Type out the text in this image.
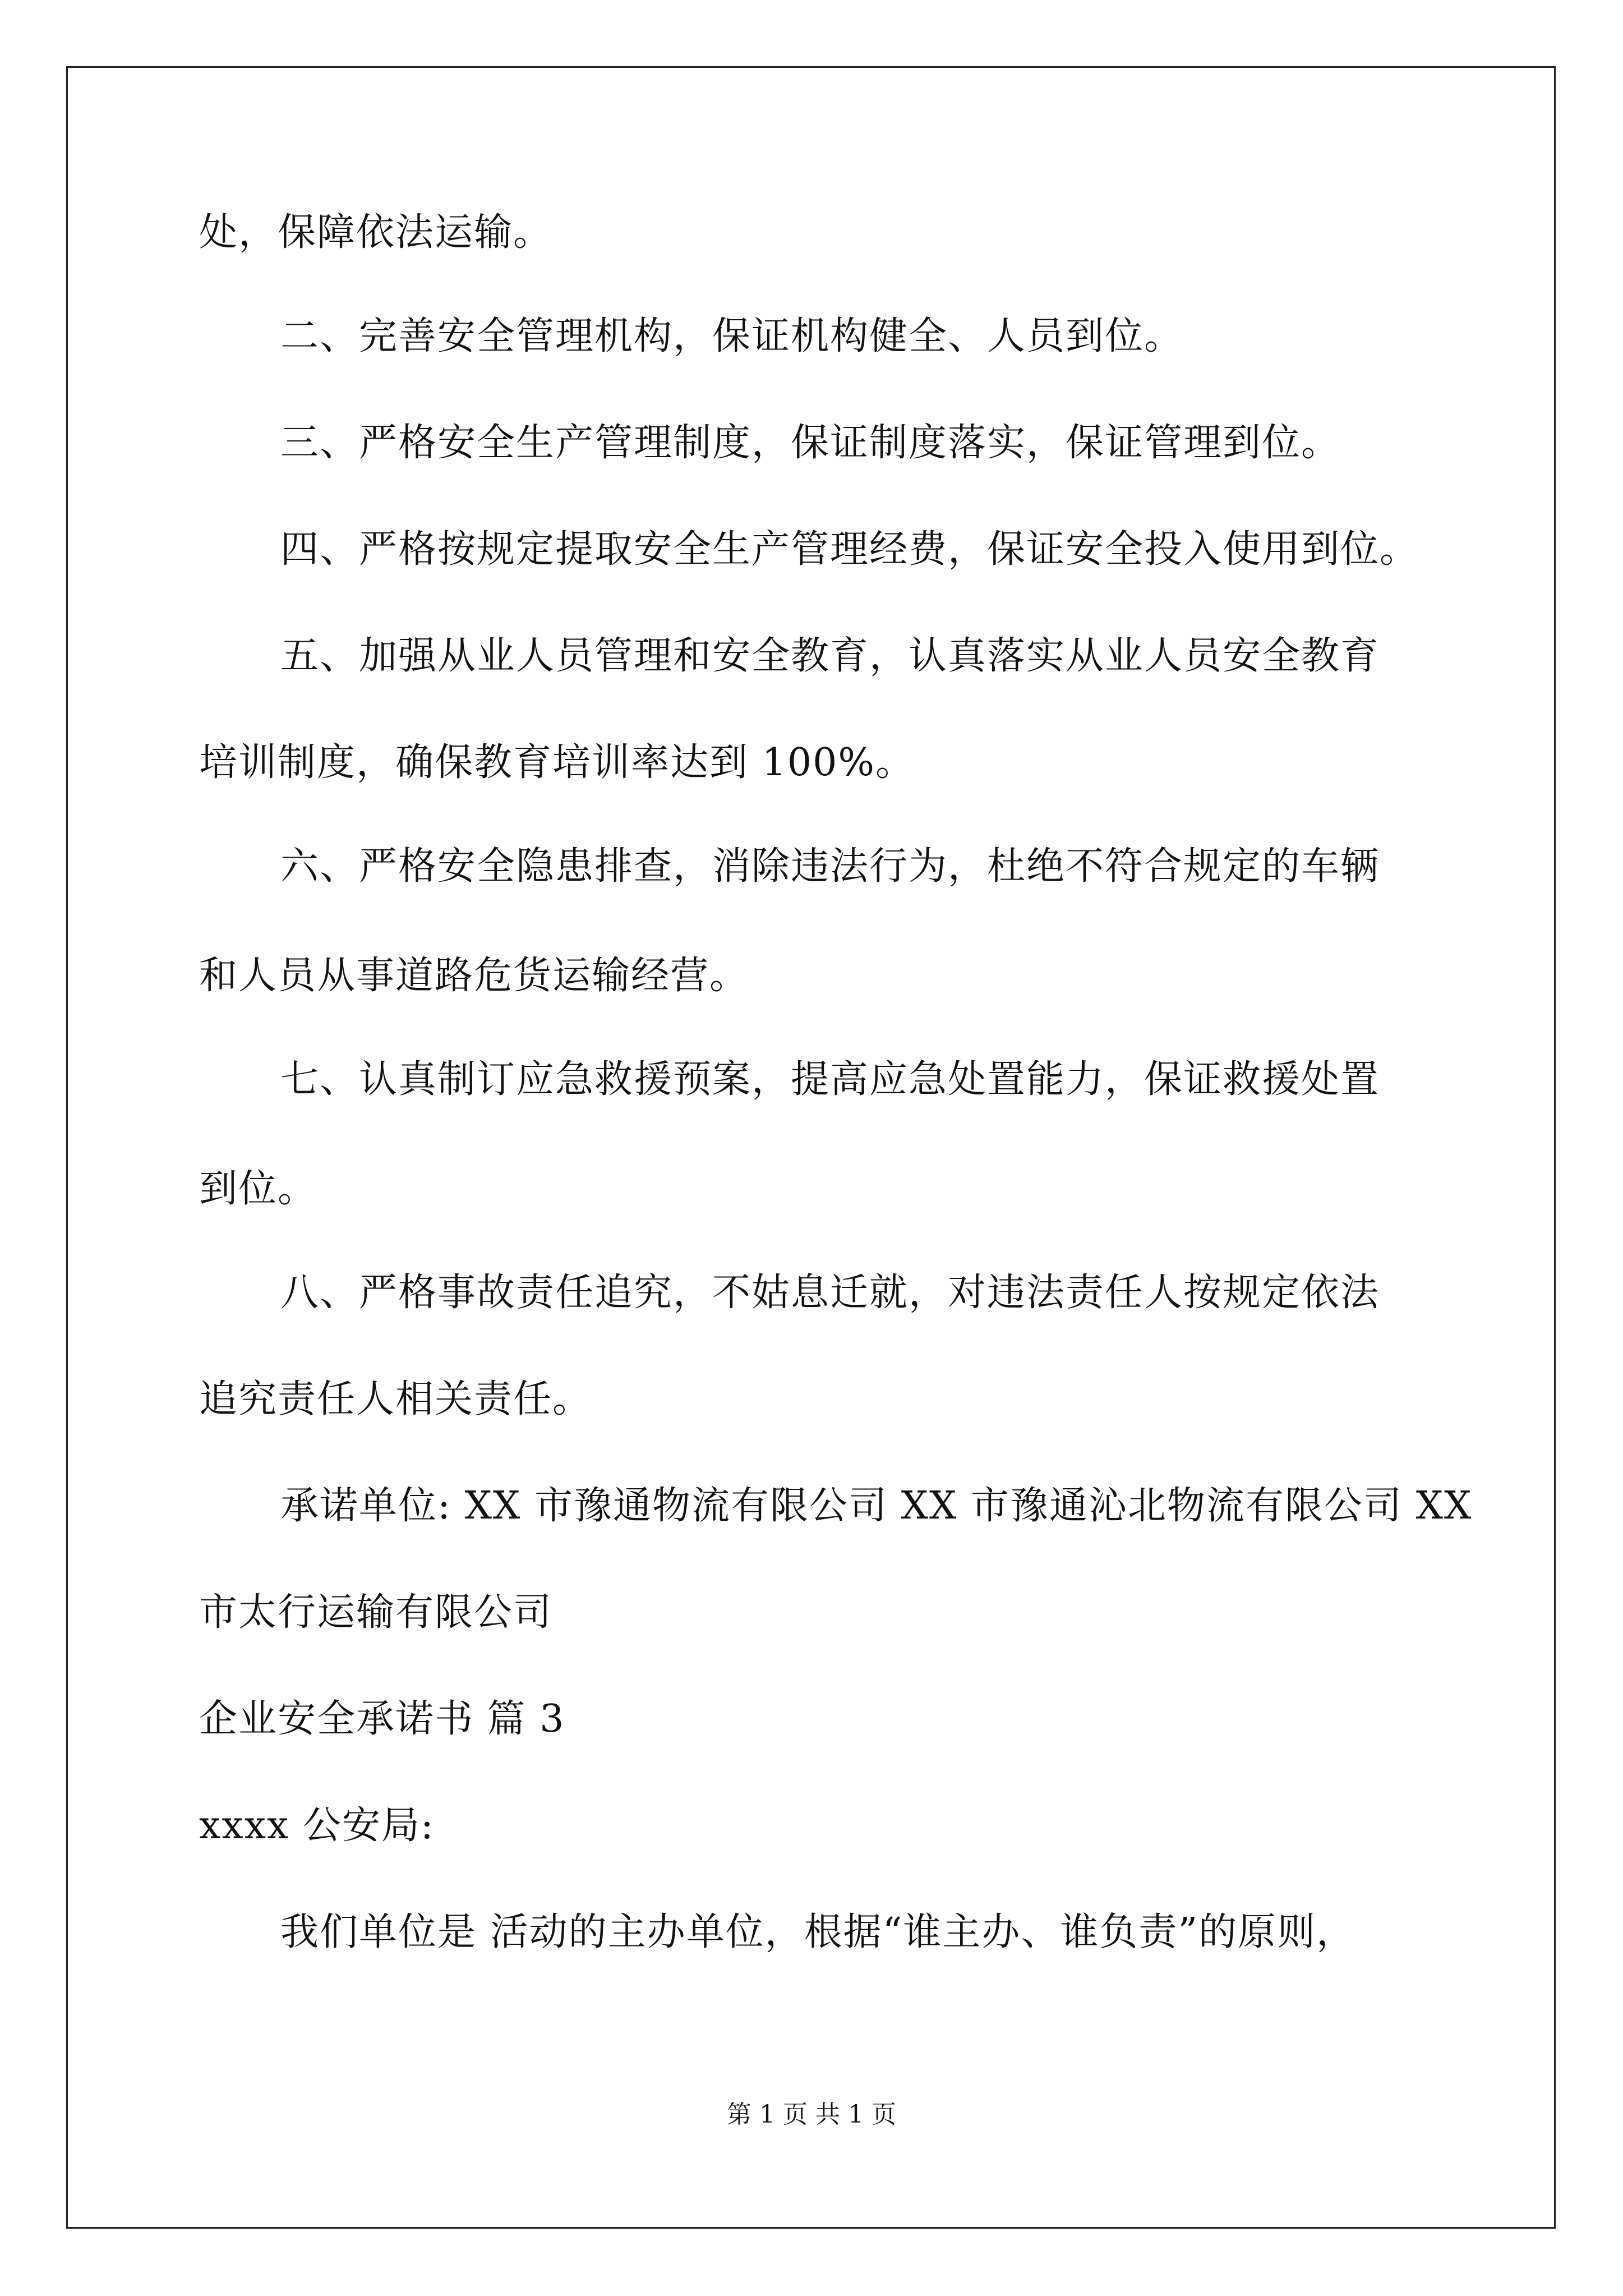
处，保障依法运输。
二、完善安全管理机构，保证机构健全、人员到位。
三、严格安全生产管理制度，保证制度落实，保证管理到位。
四、严格按规定提取安全生产管理经费，保证安全投入使用到位。
五、加强从业人员管理和安全教育，认真落实从业人员安全教育
培训制度，确保教育培训率达到 100%。
六、严格安全隐患排查，消除违法行为，杜绝不符合规定的车辆
和人员从事道路危货运输经营。
七、认真制订应急救援预案，提高应急处置能力，保证救援处置
到位。
八、严格事故责任追究，不姑息迁就，对违法责任人按规定依法
追究责任人相关责任。
承诺单位: XX 市豫通物流有限公司 XX 市豫通沁北物流有限公司 XX
市太行运输有限公司
企业安全承诺书 篇 3
xxxx 公安局:
我们单位是 活动的主办单位，根据“谁主办、谁负责”的原则，
第 1 页 共 1 页
